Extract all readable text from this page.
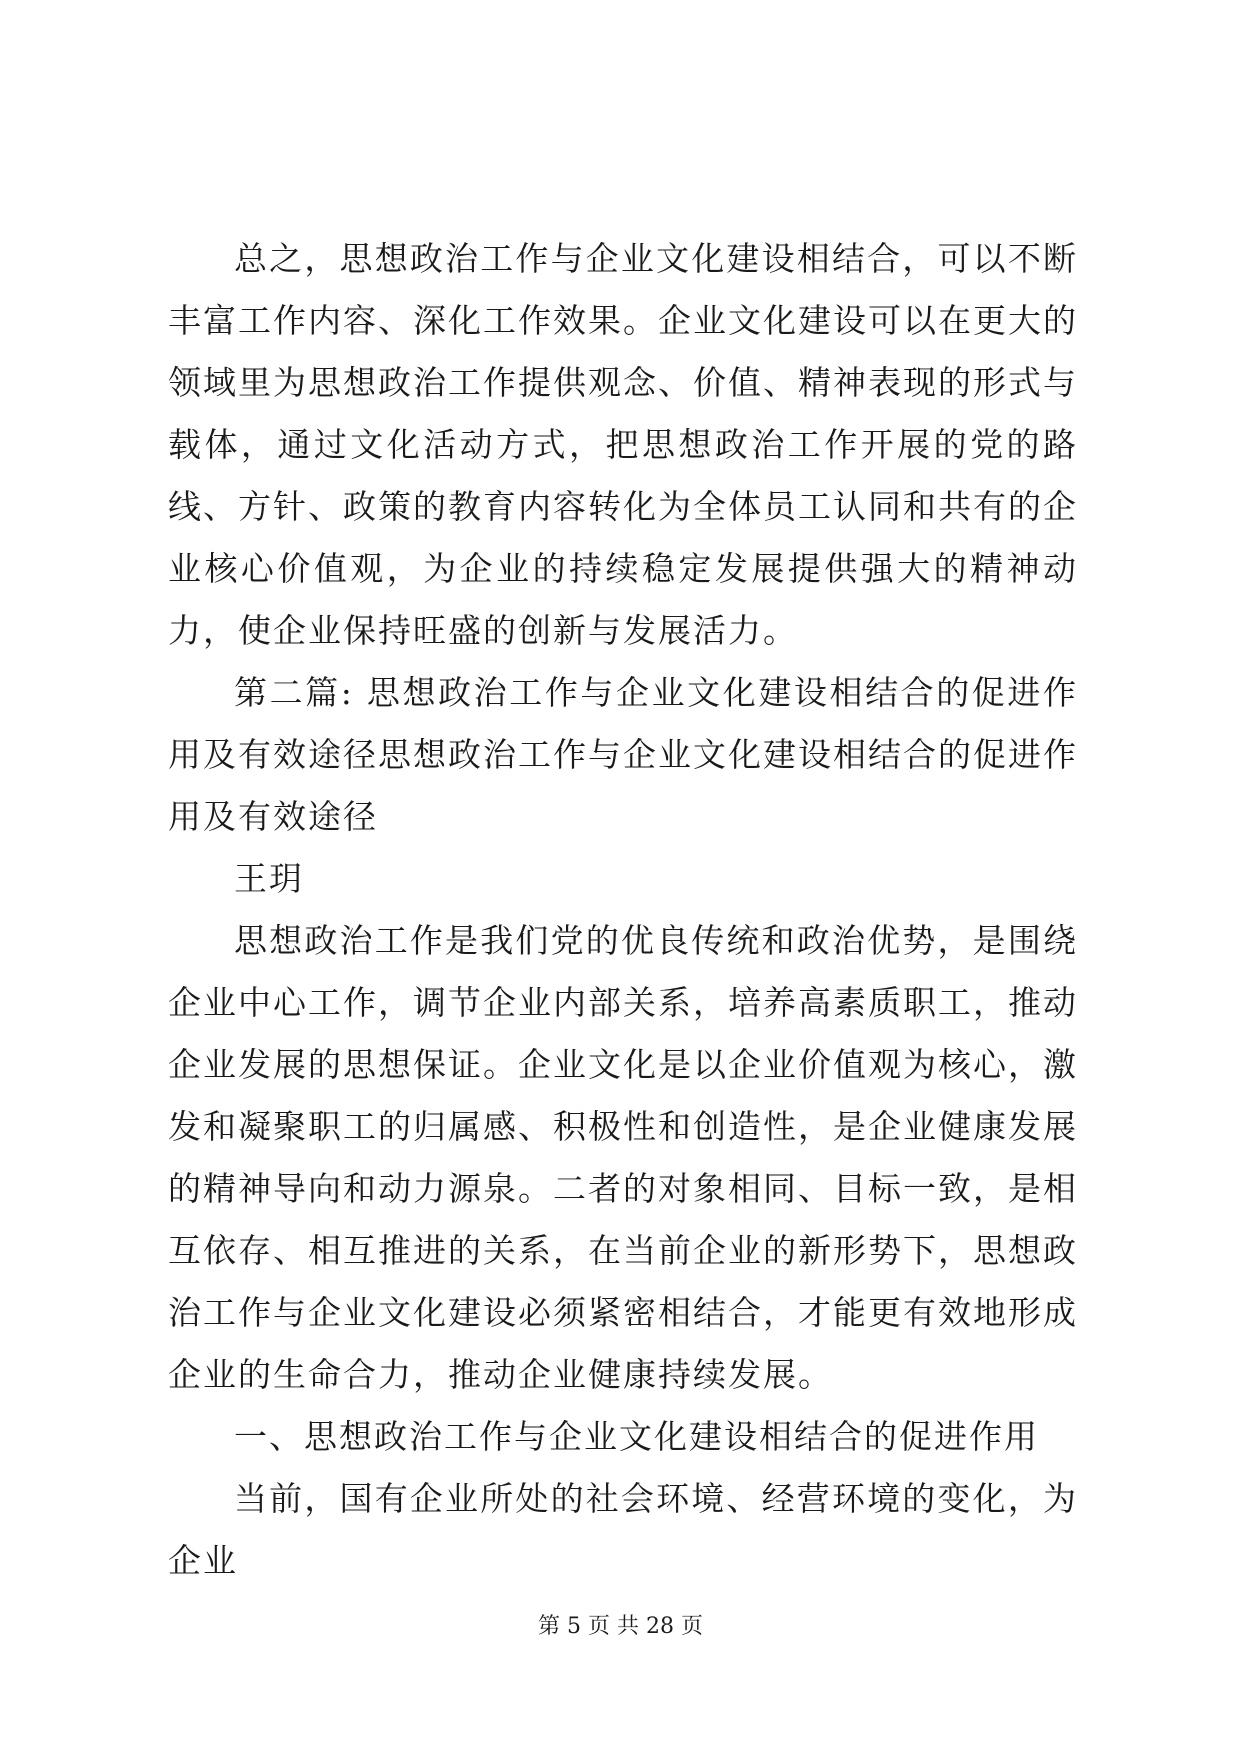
总之，思想政治工作与企业文化建设相结合，可以不断丰富工作内容、深化工作效果。企业文化建设可以在更大的领域里为思想政治工作提供观念、价值、精神表现的形式与载体，通过文化活动方式，把思想政治工作开展的党的路线、方针、政策的教育内容转化为全体员工认同和共有的企业核心价值观，为企业的持续稳定发展提供强大的精神动力，使企业保持旺盛的创新与发展活力。

第二篇: 思想政治工作与企业文化建设相结合的促进作用及有效途径思想政治工作与企业文化建设相结合的促进作用及有效途径

王玥

思想政治工作是我们党的优良传统和政治优势，是围绕企业中心工作，调节企业内部关系，培养高素质职工，推动企业发展的思想保证。企业文化是以企业价值观为核心，激发和凝聚职工的归属感、积极性和创造性，是企业健康发展的精神导向和动力源泉。二者的对象相同、目标一致，是相互依存、相互推进的关系，在当前企业的新形势下，思想政治工作与企业文化建设必须紧密相结合，才能更有效地形成企业的生命合力，推动企业健康持续发展。

一、思想政治工作与企业文化建设相结合的促进作用

当前，国有企业所处的社会环境、经营环境的变化，为企业

第 5 页 共 28 页
